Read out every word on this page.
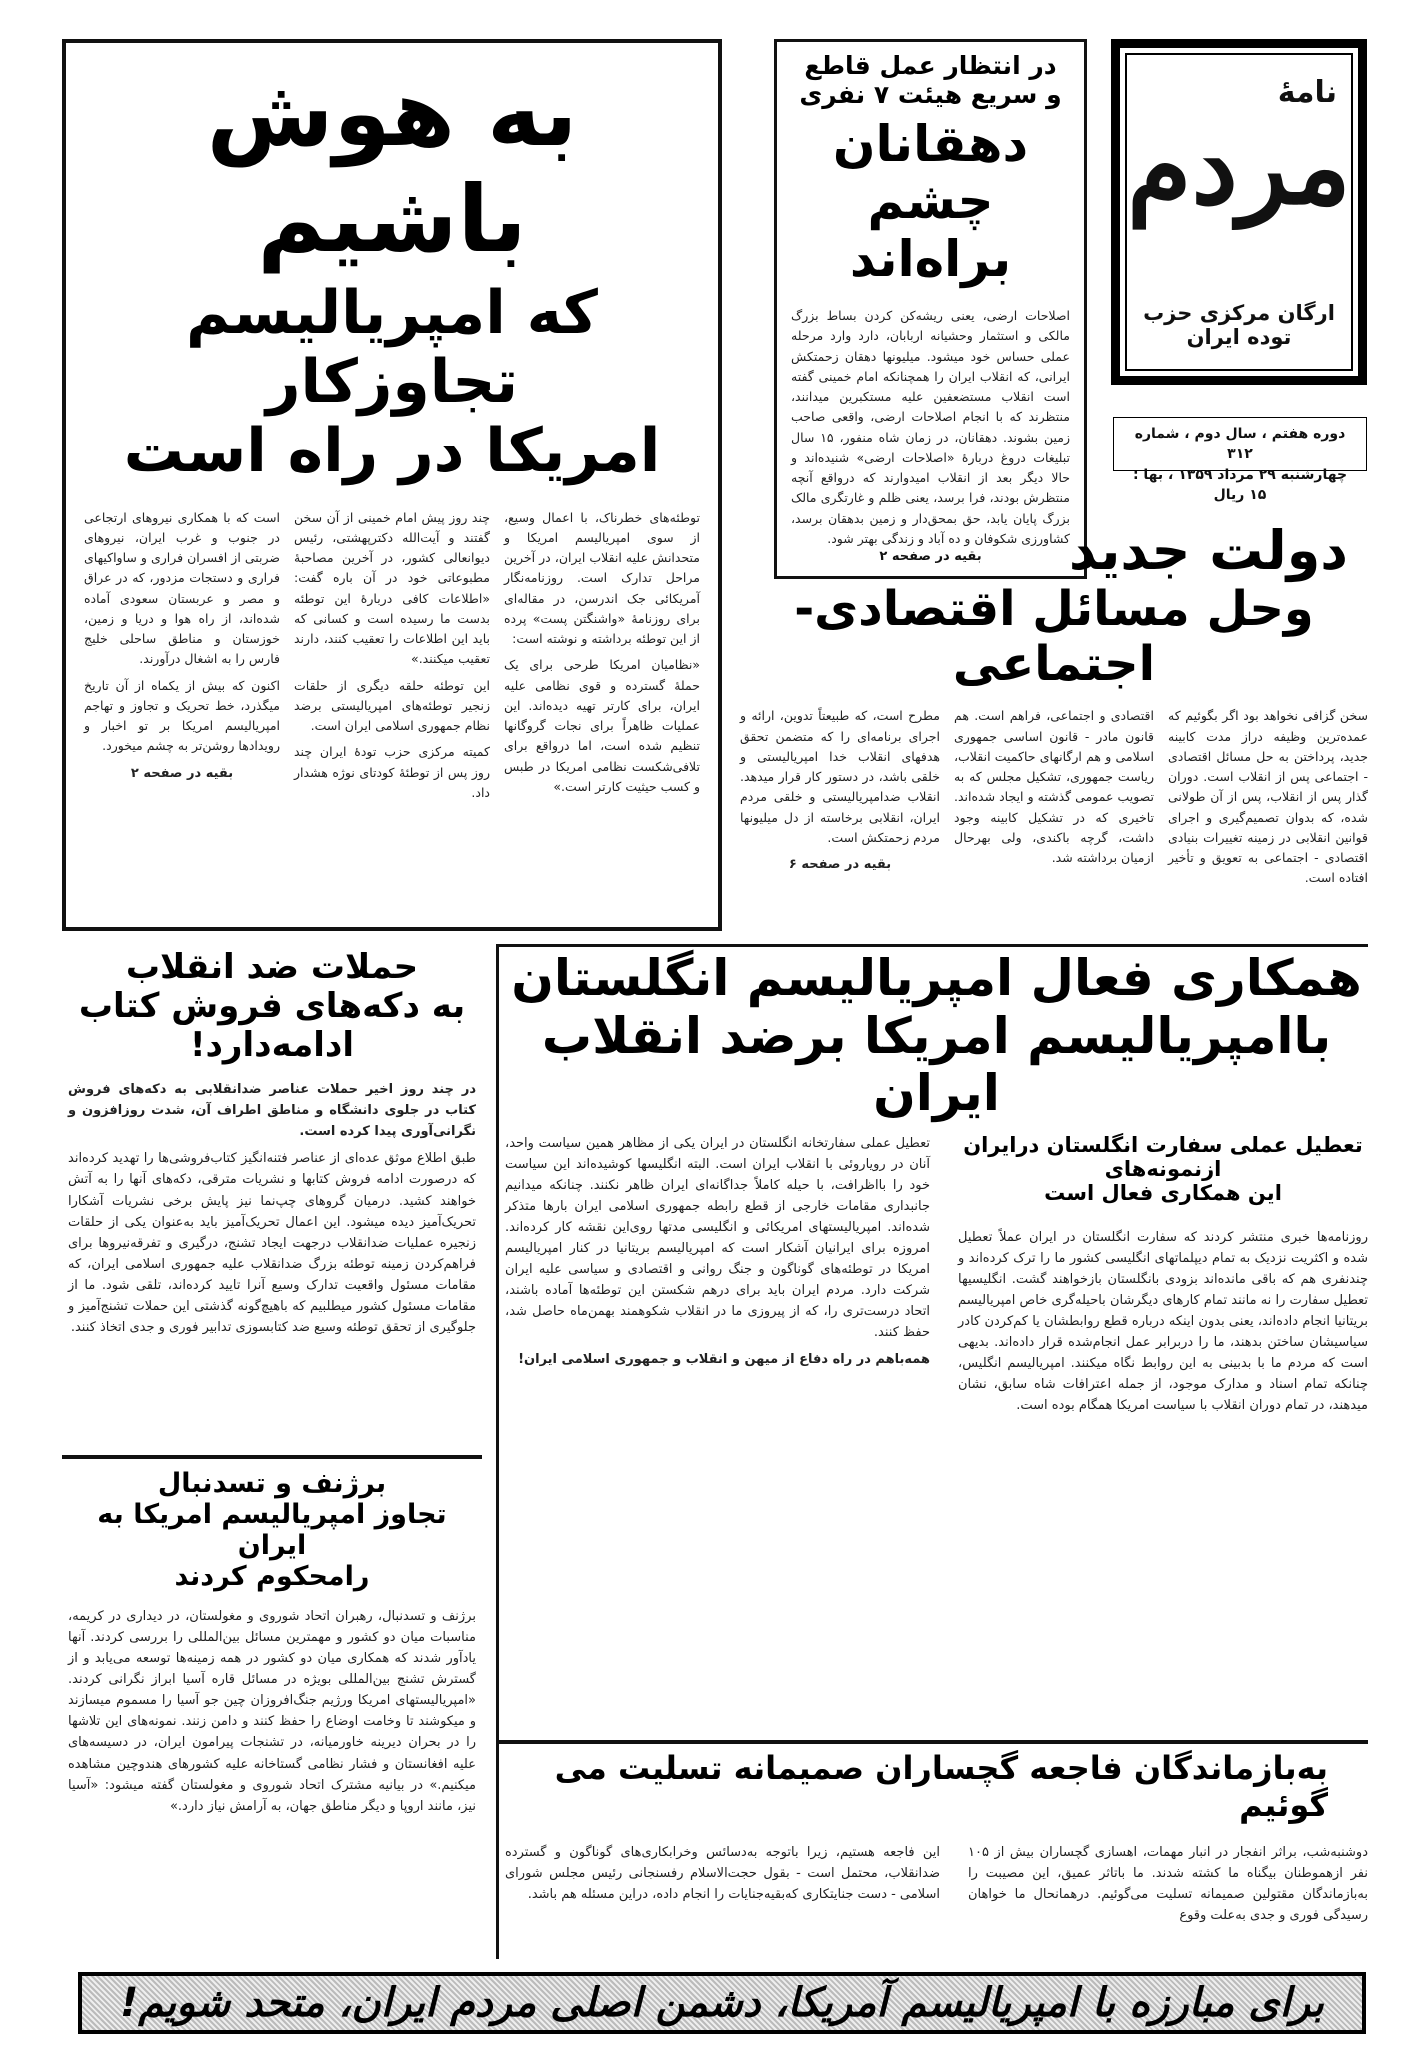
به هوش باشیم
که امپریالیسم تجاوزکار
امریکا در راه است

توطئه‌های خطرناک، با اعمال وسیع، از سوی امپریالیسم امریکا و متحدانش علیه انقلاب ایران، در آخرین مراحل تدارک است. روزنامه‌نگار آمریکائی جک اندرسن، در مقاله‌ای برای روزنامهٔ «واشنگتن پست» پرده از این توطئه برداشته و نوشته است:

«نظامیان امریکا طرحی برای یک حملهٔ گسترده و قوی نظامی علیه ایران، برای کارتر تهیه دیده‌اند. این عملیات ظاهراً برای نجات گروگانها تنظیم شده است، اما درواقع برای تلافی‌شکست نظامی امریکا در طبس و کسب حیثیت کارتر است.»

چند روز پیش امام خمینی از آن سخن گفتند و آیت‌الله دکترپهشتی، رئیس دیوانعالی کشور، در آخرین مصاحبهٔ مطبوعاتی خود در آن باره گفت: «اطلاعات کافی دربارهٔ این توطئه بدست ما رسیده است و کسانی که باید این اطلاعات را تعقیب کنند، دارند تعقیب میکنند.»

این توطئه حلقه دیگری از حلقات زنجیر توطئه‌های امپریالیستی برضد نظام جمهوری اسلامی ایران است.

کمیته مرکزی حزب تودهٔ ایران چند روز پس از توطئهٔ کودتای نوژه هشدار داد.

است که با همکاری نیروهای ارتجاعی در جنوب و غرب ایران، نیروهای ضربتی از افسران فراری و ساواکیهای فراری و دستجات مزدور، که در عراق و مصر و عربستان سعودی آماده شده‌اند، از راه هوا و دریا و زمین، خوزستان و مناطق ساحلی خلیج فارس را به اشغال درآورند.

اکنون که بیش از یکماه از آن تاریخ میگذرد، خط تحریک و تجاوز و تهاجم امپریالیسم امریکا بر تو اخبار و رویدادها روشن‌تر به چشم میخورد.

بقیه در صفحه ۲
در انتظار عمل قاطع
و سریع هیئت ۷ نفری
دهقانان
چشم براه‌اند
اصلاحات ارضی، یعنی ریشه‌کن کردن بساط بزرگ مالکی و استثمار وحشیانه اربابان، دارد وارد مرحله عملی حساس خود میشود. میلیونها دهقان زحمتکش ایرانی، که انقلاب ایران را همچنانکه امام خمینی گفته است انقلاب مستضعفین علیه مستکبرین میدانند، منتظرند که با انجام اصلاحات ارضی، واقعی صاحب زمین بشوند. دهقانان، در زمان شاه منفور، ۱۵ سال تبلیغات دروغ دربارهٔ «اصلاحات ارضی» شنیده‌اند و حالا دیگر بعد از انقلاب امیدوارند که درواقع آنچه منتظرش بودند، فرا برسد، یعنی ظلم و غارتگری مالک بزرگ پایان یابد، حق بمحق‌دار و زمین بدهقان برسد، کشاورزی شکوفان و ده آباد و زندگی بهتر شود.
بقیه در صفحه ۲
نامهٔ
مردم
ارگان مرکزی حزب توده ایران
دوره هفتم ، سال دوم ، شماره ۳۱۲
چهارشنبه ۲۹ مرداد ۱۳۵۹ ، بها : ۱۵ ریال
دولت جدید
وحل مسائل اقتصادی-اجتماعی

سخن گزافی نخواهد بود اگر بگوئیم که عمده‌ترین وظیفه دراز مدت کابینه جدید، پرداختن به حل مسائل اقتصادی - اجتماعی پس از انقلاب است. دوران گذار پس از انقلاب، پس از آن طولانی شده، که بدوان تصمیم‌گیری و اجرای قوانین انقلابی در زمینه تغییرات بنیادی اقتصادی - اجتماعی به تعویق و تأخیر افتاده است.

اقتصادی و اجتماعی، فراهم است. هم قانون مادر - قانون اساسی جمهوری اسلامی و هم ارگانهای حاکمیت انقلاب، ریاست جمهوری، تشکیل مجلس که به تصویب عمومی گذشته و ایجاد شده‌اند. تاخیری که در تشکیل کابینه وجود داشت، گرچه باکندی، ولی بهرحال ازمیان برداشته شد.

مطرح است، که طبیعتاً تدوین، ارائه و اجرای برنامه‌ای را که متضمن تحقق هدفهای انقلاب خدا امپریالیستی و خلقی باشد، در دستور کار قرار میدهد. انقلاب ضدامپریالیستی و خلقی مردم ایران، انقلابی برخاسته از دل میلیونها مردم زحمتکش است.

بقیه در صفحه ۶
حملات ضد انقلاب
به دکه‌های فروش کتاب
ادامه‌دارد!
در چند روز اخیر حملات عناصر ضدانقلابی به دکه‌های فروش کتاب در جلوی دانشگاه و مناطق اطراف آن، شدت روزافزون و نگرانی‌آوری پیدا کرده است.
طبق اطلاع موثق عده‌ای از عناصر فتنه‌انگیز کتاب‌فروشی‌ها را تهدید کرده‌اند که درصورت ادامه فروش کتابها و نشریات مترقی، دکه‌های آنها را به آتش خواهند کشید. درمیان گروهای چپ‌نما نیز پایش برخی نشریات آشکارا تحریک‌آمیز دیده میشود. این اعمال تحریک‌آمیز باید به‌عنوان یکی از حلقات زنجیره عملیات ضدانقلاب درجهت ایجاد تشنج، درگیری و تفرقه‌نیروها برای فراهم‌کردن زمینه توطئه بزرگ ضدانقلاب علیه جمهوری اسلامی ایران، که مقامات مسئول واقعیت تدارک وسیع آنرا تایید کرده‌اند، تلقی شود. ما از مقامات مسئول کشور میطلبیم که باهیچ‌گونه گذشتی این حملات تشنج‌آمیز و جلوگیری از تحقق توطئه وسیع ضد کتابسوزی تدابیر فوری و جدی اتخاذ کنند.
برژنف و تسدنبال
تجاوز امپریالیسم امریکا به ایران
رامحکوم کردند
برژنف و تسدنبال، رهبران اتحاد شوروی و مغولستان، در دیداری در کریمه، مناسبات میان دو کشور و مهمترین مسائل بین‌المللی را بررسی کردند. آنها یادآور شدند که همکاری میان دو کشور در همه زمینه‌ها توسعه می‌یابد و از گسترش تشنج بین‌المللی بویژه در مسائل قاره آسیا ابراز نگرانی کردند. «امپریالیستهای امریکا ورژیم جنگ‌افروزان چین جو آسیا را مسموم میسازند و میکوشند تا وخامت اوضاع را حفظ کنند و دامن زنند. نمونه‌های این تلاشها را در بحران دیرینه خاورمیانه، در تشنجات پیرامون ایران، در دسیسه‌های علیه افغانستان و فشار نظامی گستاخانه علیه کشورهای هندوچین مشاهده میکنیم.» در بیانیه مشترک اتحاد شوروی و مغولستان گفته میشود: «آسیا نیز، مانند اروپا و دیگر مناطق جهان، به آرامش نیاز دارد.»
همکاری فعال امپریالیسم انگلستان
باامپریالیسم امریکا برضد انقلاب ایران
تعطیل عملی سفارت انگلستان درایران ازنمونه‌های
این همکاری فعال است
روزنامه‌ها خبری منتشر کردند که سفارت انگلستان در ایران عملاً تعطیل شده و اکثریت نزدیک به تمام دیپلماتهای انگلیسی کشور ما را ترک کرده‌اند و چندنفری هم که باقی مانده‌اند بزودی بانگلستان بازخواهند گشت. انگلیسیها تعطیل سفارت را نه مانند تمام کارهای دیگرشان باحیله‌گری خاص امپریالیسم بریتانیا انجام داده‌اند، یعنی بدون اینکه درباره قطع روابطشان یا کم‌کردن کادر سیاسیشان ساختن بدهند، ما را دربرابر عمل انجام‌شده قرار داده‌اند. بدیهی است که مردم ما با بدبینی به این روابط نگاه میکنند. امپریالیسم انگلیس، چنانکه تمام اسناد و مدارک موجود، از جمله اعترافات شاه سابق، نشان میدهند، در تمام دوران انقلاب با سیاست امریکا همگام بوده است.
تعطیل عملی سفارتخانه انگلستان در ایران یکی از مظاهر همین سیاست واحد، آنان در رویاروئی با انقلاب ایران است. البته انگلیسها کوشیده‌اند این سیاست خود را بااظرافت، با حیله کاملاً جداگانه‌ای ایران ظاهر نکنند. چنانکه میدانیم جانبداری مقامات خارجی از قطع رابطه جمهوری اسلامی ایران بارها متذکر شده‌اند. امپریالیستهای امریکائی و انگلیسی مدتها روی‌این نقشه کار کرده‌اند. امروزه برای ایرانیان آشکار است که امپریالیسم بریتانیا در کنار امپریالیسم امریکا در توطئه‌های گوناگون و جنگ روانی و اقتصادی و سیاسی علیه ایران شرکت دارد. مردم ایران باید برای درهم شکستن این توطئه‌ها آماده باشند، اتحاد درست‌تری را، که از پیروزی ما در انقلاب شکوهمند بهمن‌ماه حاصل شد، حفظ کنند.
همه‌باهم در راه دفاع از میهن و انقلاب و جمهوری اسلامی ایران!
به‌بازماندگان فاجعه گچساران صمیمانه تسلیت می گوئیم
دوشنبه‌شب، براثر انفجار در انبار مهمات، اهسازی گچساران بیش از ۱۰۵ نفر ازهموطنان بیگناه ما کشته شدند. ما باتاثر عمیق، این مصیبت را به‌بازماندگان مقتولین صمیمانه تسلیت می‌گوئیم. درهمانحال ما خواهان رسیدگی فوری و جدی به‌علت وقوع
این فاجعه هستیم، زیرا باتوجه به‌دسائس وخرابکاری‌های گوناگون و گسترده ضدانقلاب، محتمل است - بقول حجت‌الاسلام رفسنجانی رئیس مجلس شورای اسلامی - دست جنایتکاری که‌بقیه‌جنایات را انجام داده، دراین مسئله هم باشد.
برای مبارزه با امپریالیسم آمریکا، دشمن اصلی مردم ایران، متحد شویم!
